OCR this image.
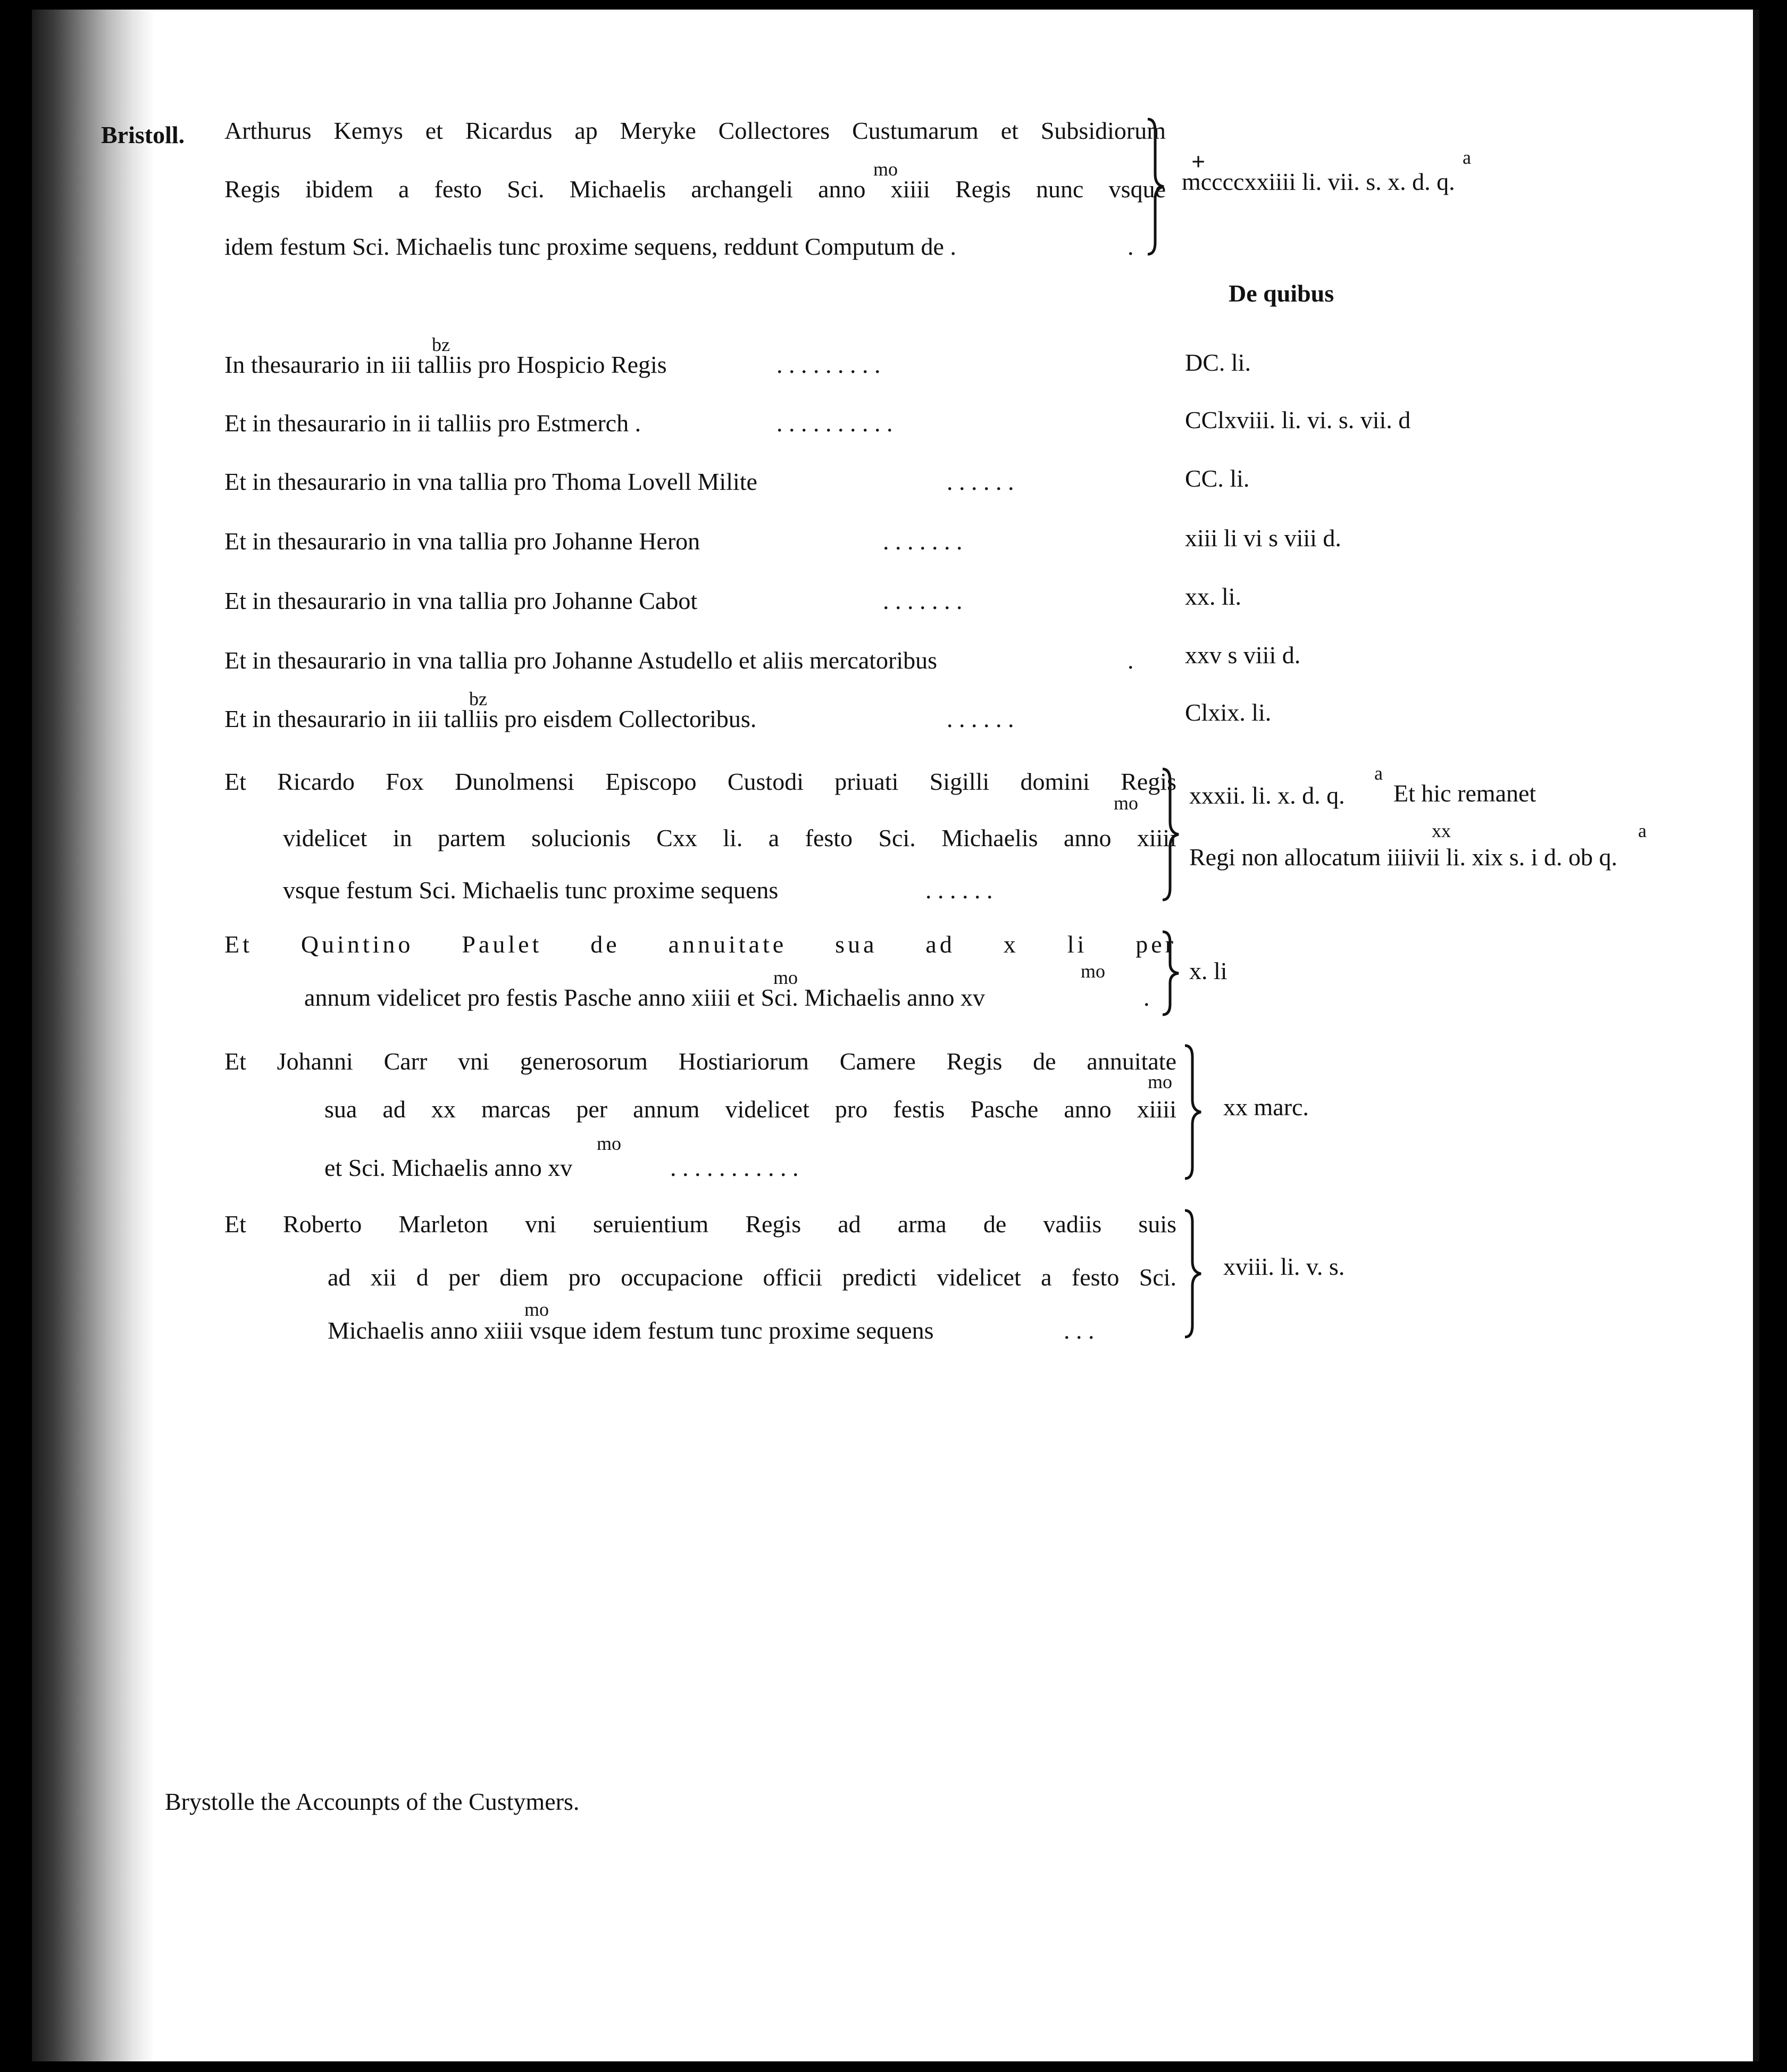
Bristoll. Arthurus Kemys et Ricardus ap Meryke Collectores Custumarum et Subsidiorum
mo
Regis ibidem a festo Sci. Michaelis archangeli anno xiiii Regis nunc vsque
idem festum Sci. Michaelis tunc proxime sequens, reddunt Computum de .	.
+	a
mccccxxiiii li. vii. s. x. d. q.
De quibus
bz
In thesaurario in iii talliis pro Hospicio Regis	. . . . . . . . .	DC. li.
Et in thesaurario in ii talliis pro Estmerch .	. . . . . . . . . .	CClxviii. li. vi. s. vii. d
Et in thesaurario in vna tallia pro Thoma Lovell Milite	. . . . . .	CC. li.
Et in thesaurario in vna tallia pro Johanne Heron	. . . . . . .	xiii li vi s viii d.
Et in thesaurario in vna tallia pro Johanne Cabot	. . . . . . .	xx. li.
Et in thesaurario in vna tallia pro Johanne Astudello et aliis mercatoribus	. xxv s viii d.
bz
Et in thesaurario in iii talliis pro eisdem Collectoribus.	. . . . . .	Clxix. li.
Et Ricardo Fox Dunolmensi Episcopo Custodi priuati Sigilli domini Regis
mo
videlicet in partem solucionis Cxx li. a festo Sci. Michaelis anno xiiii
vsque festum Sci. Michaelis tunc proxime sequens	. . . . . .
a
xxxii. li. x. d. q. Et hic remanet
xx	a
Regi non allocatum iiiivii li. xix s. i d. ob q.
Et Quintino Paulet de annuitate sua ad x li per
mo	mo
annum videlicet pro festis Pasche anno xiiii et Sci. Michaelis anno xv	.
x. li
Et Johanni Carr vni generosorum Hostiariorum Camere Regis de annuitate
mo
sua ad xx marcas per annum videlicet pro festis Pasche anno xiiii
mo
et Sci. Michaelis anno xv	. . . . . . . . . . .
xx marc.
Et Roberto Marleton vni seruientium Regis ad arma de vadiis suis
ad xii d per diem pro occupacione officii predicti videlicet a festo Sci.
mo
Michaelis anno xiiii vsque idem festum tunc proxime sequens	. . .
xviii. li. v. s.
Brystolle the Accounpts of the Custymers.
